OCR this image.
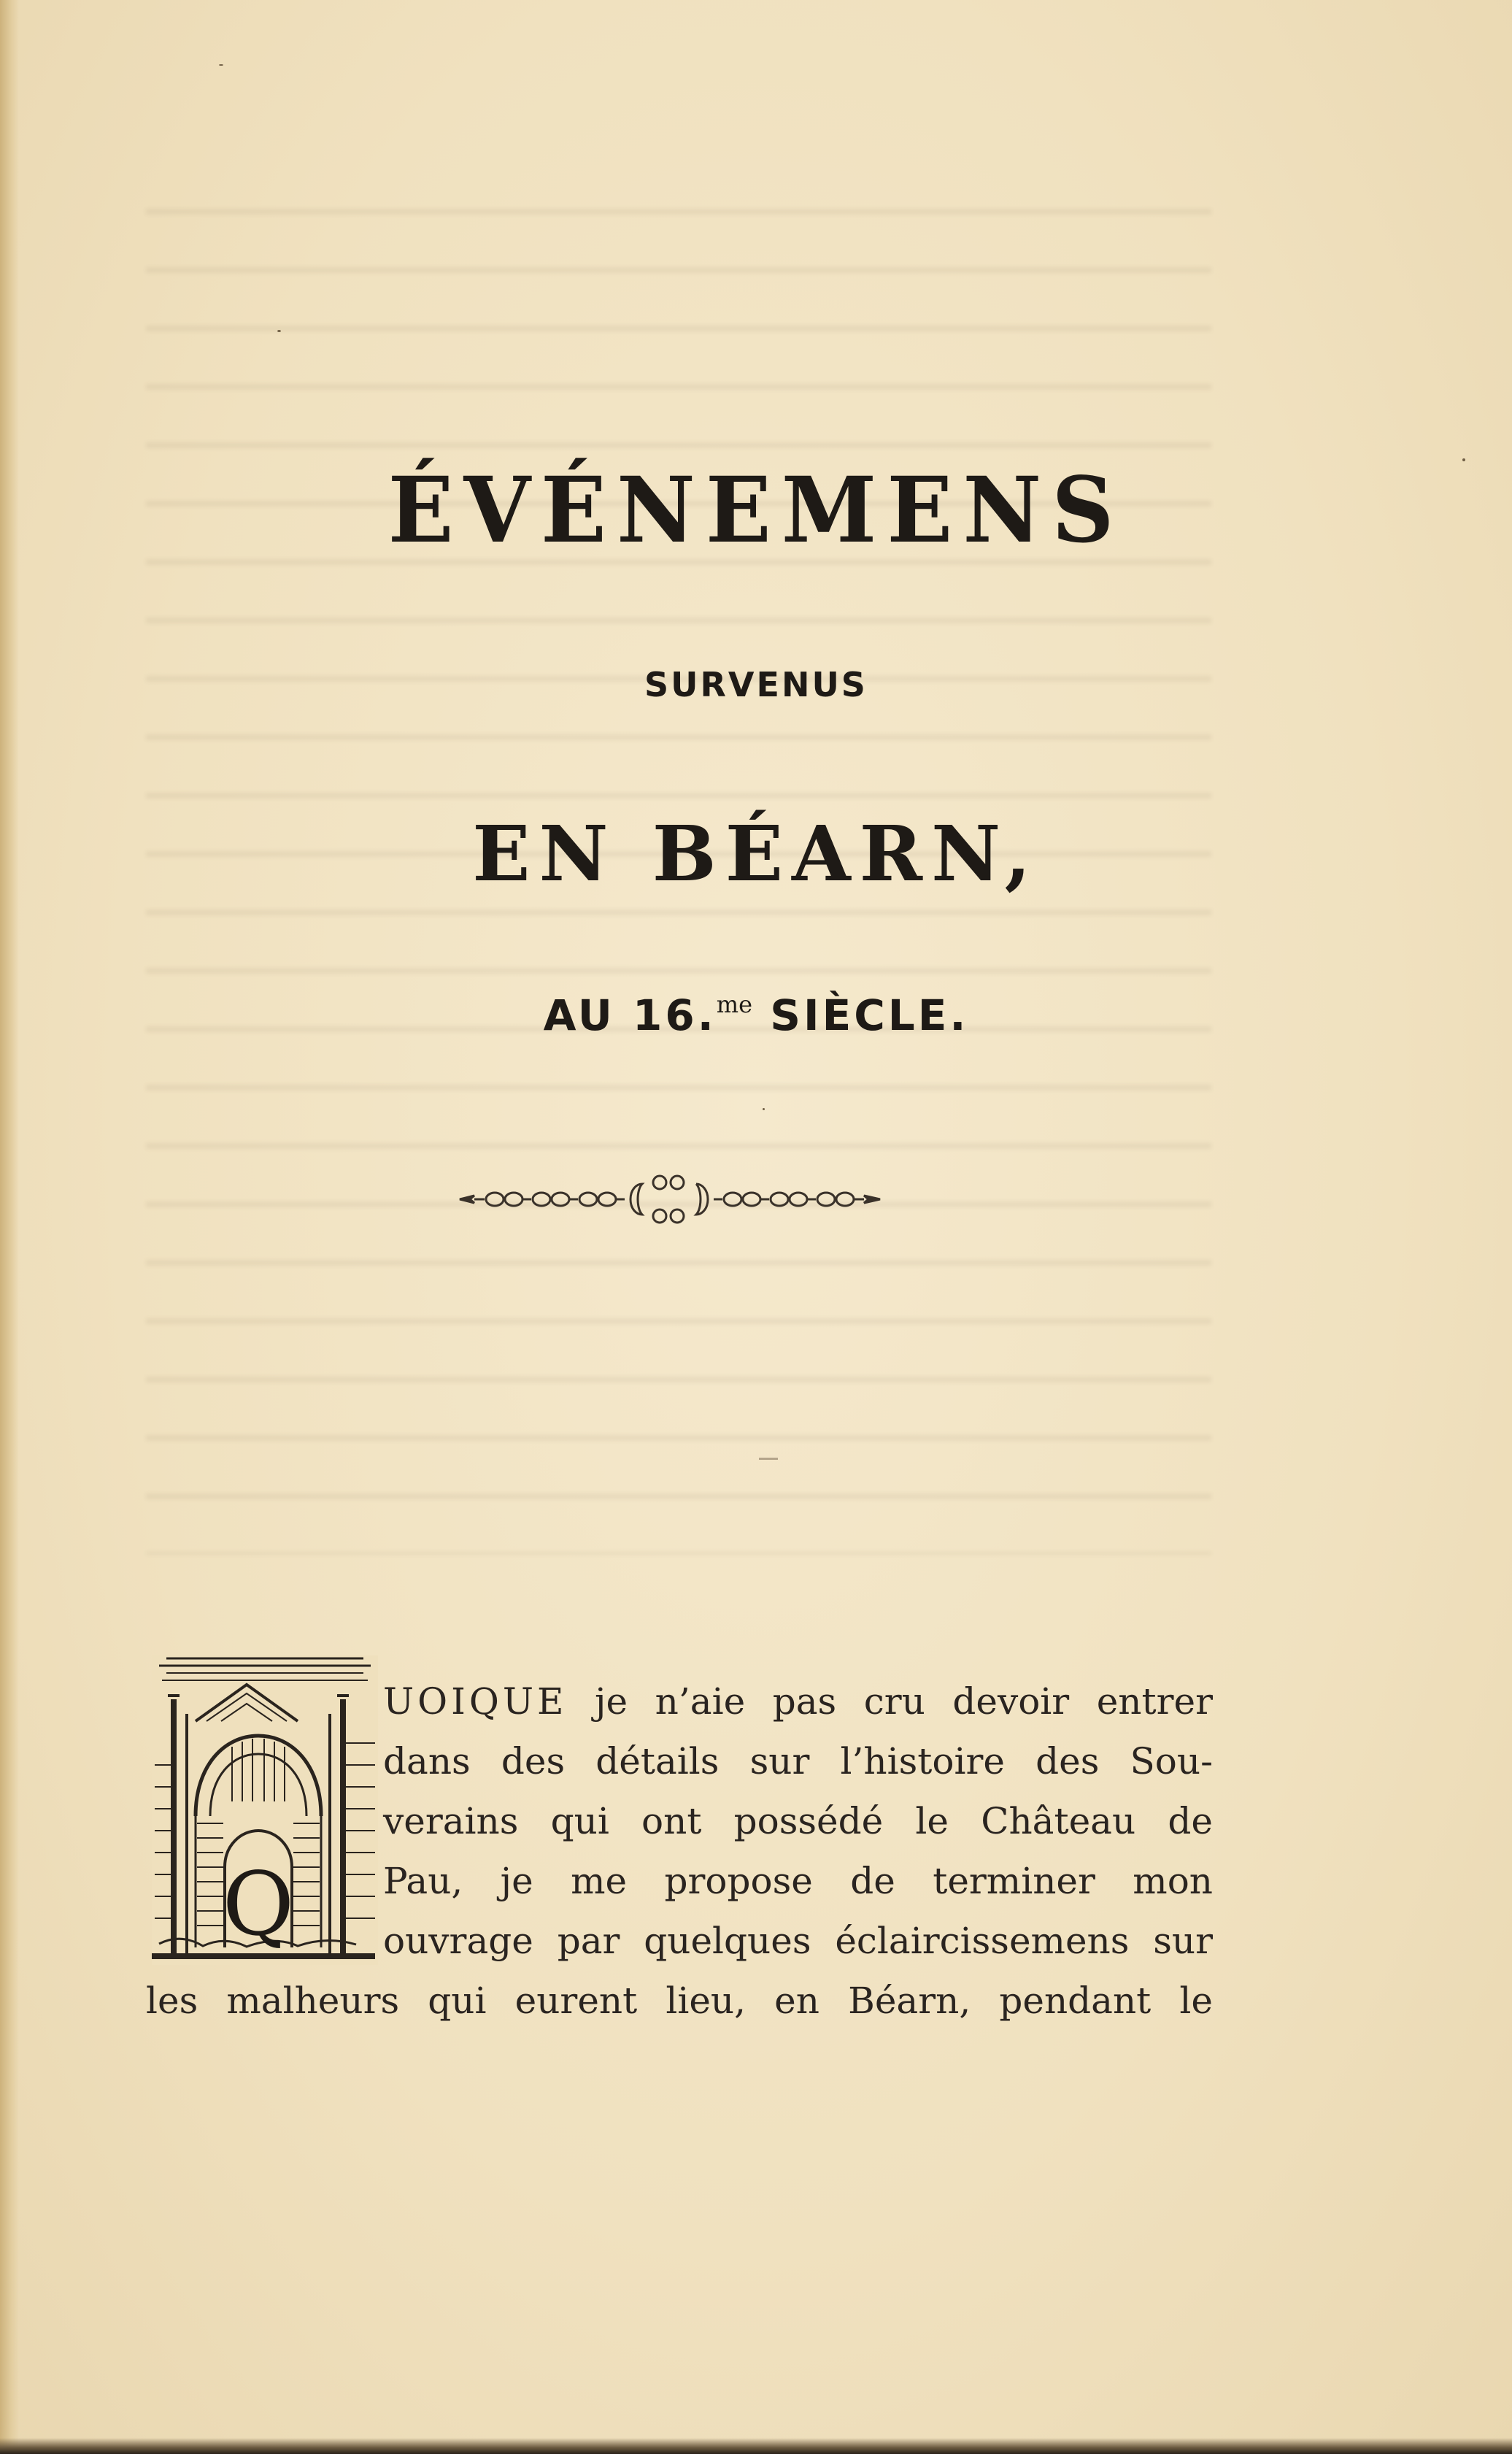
ÉVÉNEMENS
SURVENUS
EN BÉARN,
AU 16.$^{me}$ SIÈCLE.
Q
UOIQUE je n’aie pas cru devoir entrer
dans des détails sur l’histoire des Sou-
verains qui ont possédé le Château de
Pau, je me propose de terminer mon
ouvrage par quelques éclaircissemens sur
les malheurs qui eurent lieu, en Béarn, pendant le
